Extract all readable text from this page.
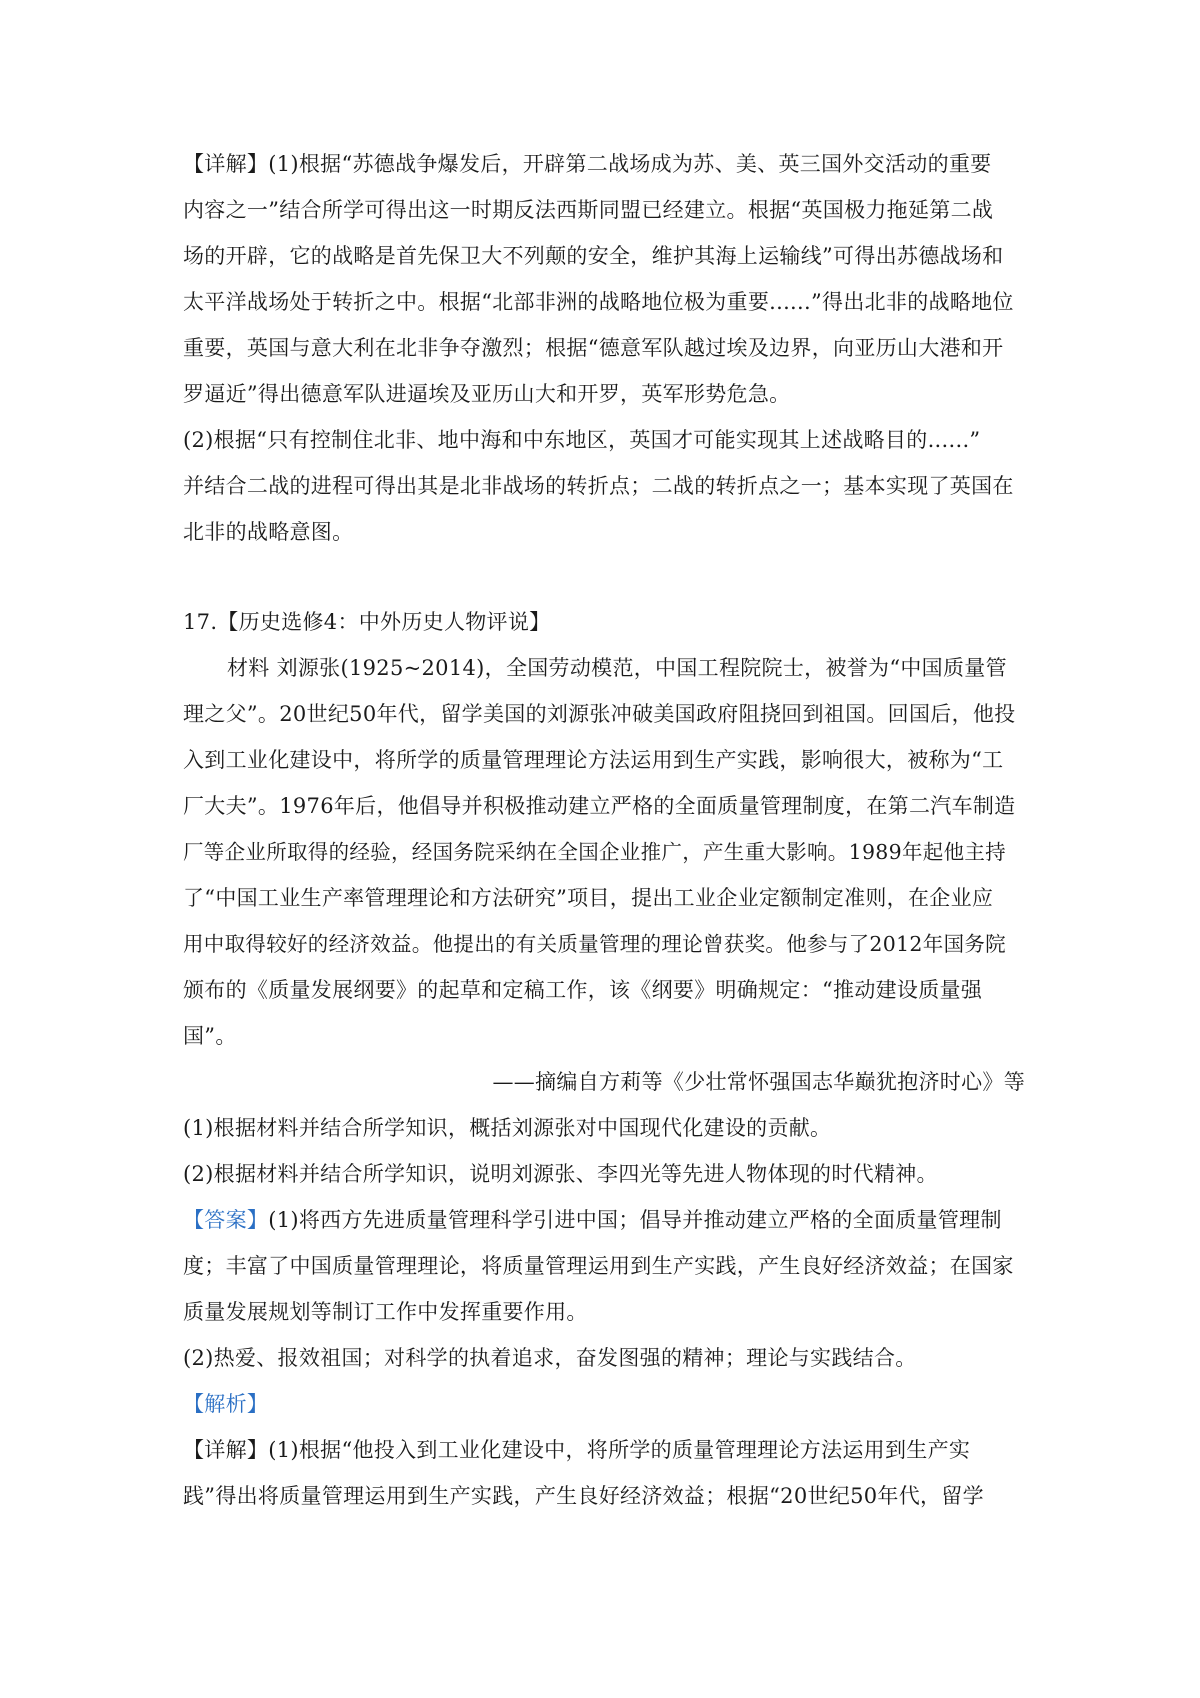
【详解】(1)根据“苏德战争爆发后，开辟第二战场成为苏、美、英三国外交活动的重要
内容之一”结合所学可得出这一时期反法西斯同盟已经建立。根据“英国极力拖延第二战
场的开辟，它的战略是首先保卫大不列颠的安全，维护其海上运输线”可得出苏德战场和
太平洋战场处于转折之中。根据“北部非洲的战略地位极为重要......”得出北非的战略地位
重要，英国与意大利在北非争夺激烈；根据“德意军队越过埃及边界，向亚历山大港和开
罗逼近”得出德意军队进逼埃及亚历山大和开罗，英军形势危急。
(2)根据“只有控制住北非、地中海和中东地区，英国才可能实现其上述战略目的......”
并结合二战的进程可得出其是北非战场的转折点；二战的转折点之一；基本实现了英国在
北非的战略意图。
17.【历史选修4：中外历史人物评说】
材料 刘源张(1925~2014)，全国劳动模范，中国工程院院士，被誉为“中国质量管
理之父”。20世纪50年代，留学美国的刘源张冲破美国政府阻挠回到祖国。回国后，他投
入到工业化建设中，将所学的质量管理理论方法运用到生产实践，影响很大，被称为“工
厂大夫”。1976年后，他倡导并积极推动建立严格的全面质量管理制度，在第二汽车制造
厂等企业所取得的经验，经国务院采纳在全国企业推广，产生重大影响。1989年起他主持
了“中国工业生产率管理理论和方法研究”项目，提出工业企业定额制定准则，在企业应
用中取得较好的经济效益。他提出的有关质量管理的理论曾获奖。他参与了2012年国务院
颁布的《质量发展纲要》的起草和定稿工作，该《纲要》明确规定：“推动建设质量强
国”。
——摘编自方莉等《少壮常怀强国志华巅犹抱济时心》等
(1)根据材料并结合所学知识，概括刘源张对中国现代化建设的贡献。
(2)根据材料并结合所学知识，说明刘源张、李四光等先进人物体现的时代精神。
【答案】(1)将西方先进质量管理科学引进中国；倡导并推动建立严格的全面质量管理制
度；丰富了中国质量管理理论，将质量管理运用到生产实践，产生良好经济效益；在国家
质量发展规划等制订工作中发挥重要作用。
(2)热爱、报效祖国；对科学的执着追求，奋发图强的精神；理论与实践结合。
【解析】
【详解】(1)根据“他投入到工业化建设中，将所学的质量管理理论方法运用到生产实
践”得出将质量管理运用到生产实践，产生良好经济效益；根据“20世纪50年代，留学
